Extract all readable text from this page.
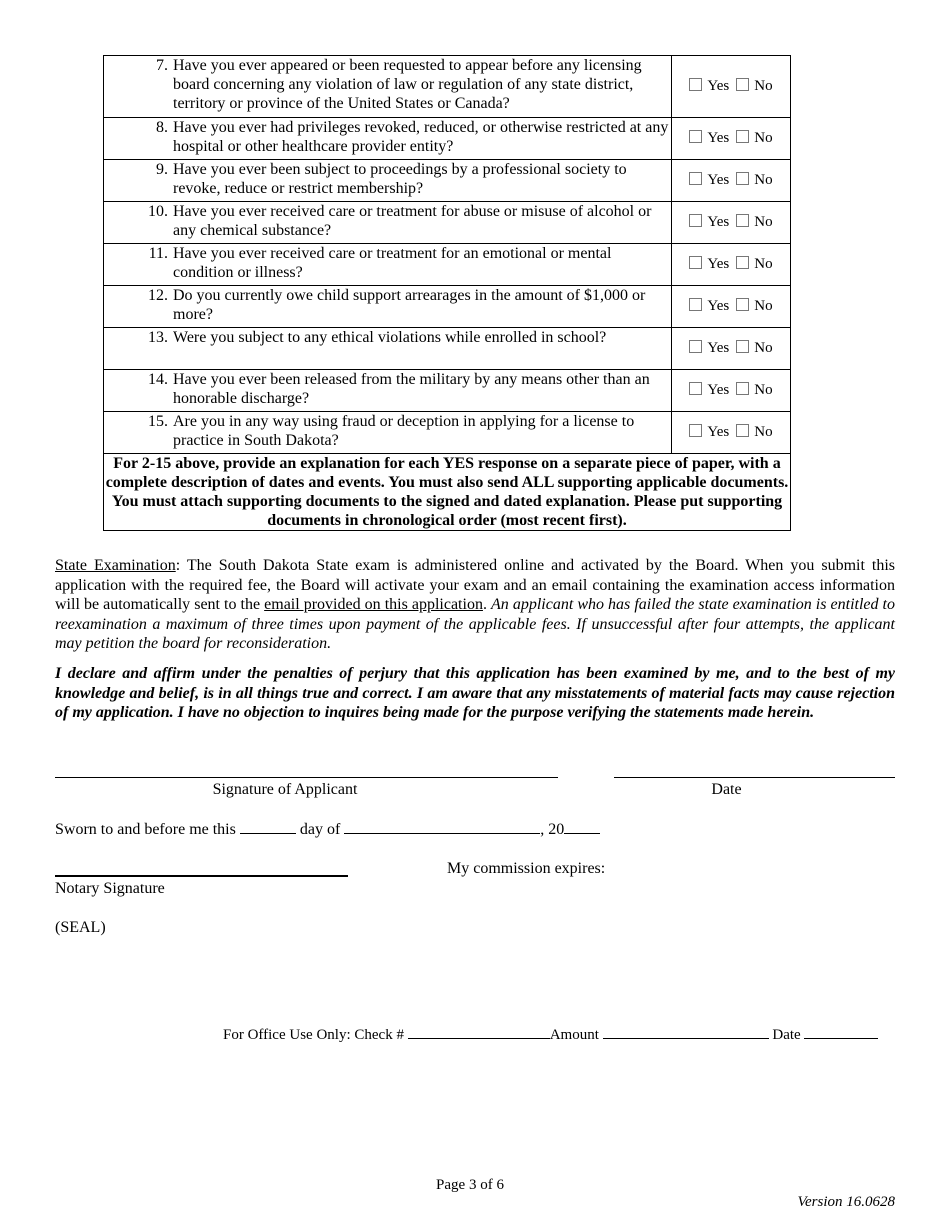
7. Have you ever appeared or been requested to appear before any licensing board concerning any violation of law or regulation of any state district, territory or province of the United States or Canada?	Yes No

8. Have you ever had privileges revoked, reduced, or otherwise restricted at any hospital or other healthcare provider entity?	Yes No

9. Have you ever been subject to proceedings by a professional society to revoke, reduce or restrict membership?	Yes No

10. Have you ever received care or treatment for abuse or misuse of alcohol or any chemical substance?	Yes No

11. Have you ever received care or treatment for an emotional or mental condition or illness?	Yes No

12. Do you currently owe child support arrearages in the amount of $1,000 or more?	Yes No

13. Were you subject to any ethical violations while enrolled in school?	Yes No

14. Have you ever been released from the military by any means other than an honorable discharge?	Yes No

15. Are you in any way using fraud or deception in applying for a license to practice in South Dakota?	Yes No
For 2-15 above, provide an explanation for each YES response on a separate piece of paper, with a complete description of dates and events. You must also send ALL supporting applicable documents. You must attach supporting documents to the signed and dated explanation. Please put supporting documents in chronological order (most recent first).	
State Examination: The South Dakota State exam is administered online and activated by the Board. When you submit this application with the required fee, the Board will activate your exam and an email containing the examination access information will be automatically sent to the email provided on this application. An applicant who has failed the state examination is entitled to reexamination a maximum of three times upon payment of the applicable fees. If unsuccessful after four attempts, the applicant may petition the board for reconsideration.
I declare and affirm under the penalties of perjury that this application has been examined by me, and to the best of my knowledge and belief, is in all things true and correct. I am aware that any misstatements of material facts may cause rejection of my application. I have no objection to inquires being made for the purpose verifying the statements made herein.
Signature of Applicant	Date
Sworn to and before me this	day of	, 20
Notary Signature
My commission expires:
(SEAL)
For Office Use Only: Check #	Amount	Date
Page 3 of 6
Version 16.0628
